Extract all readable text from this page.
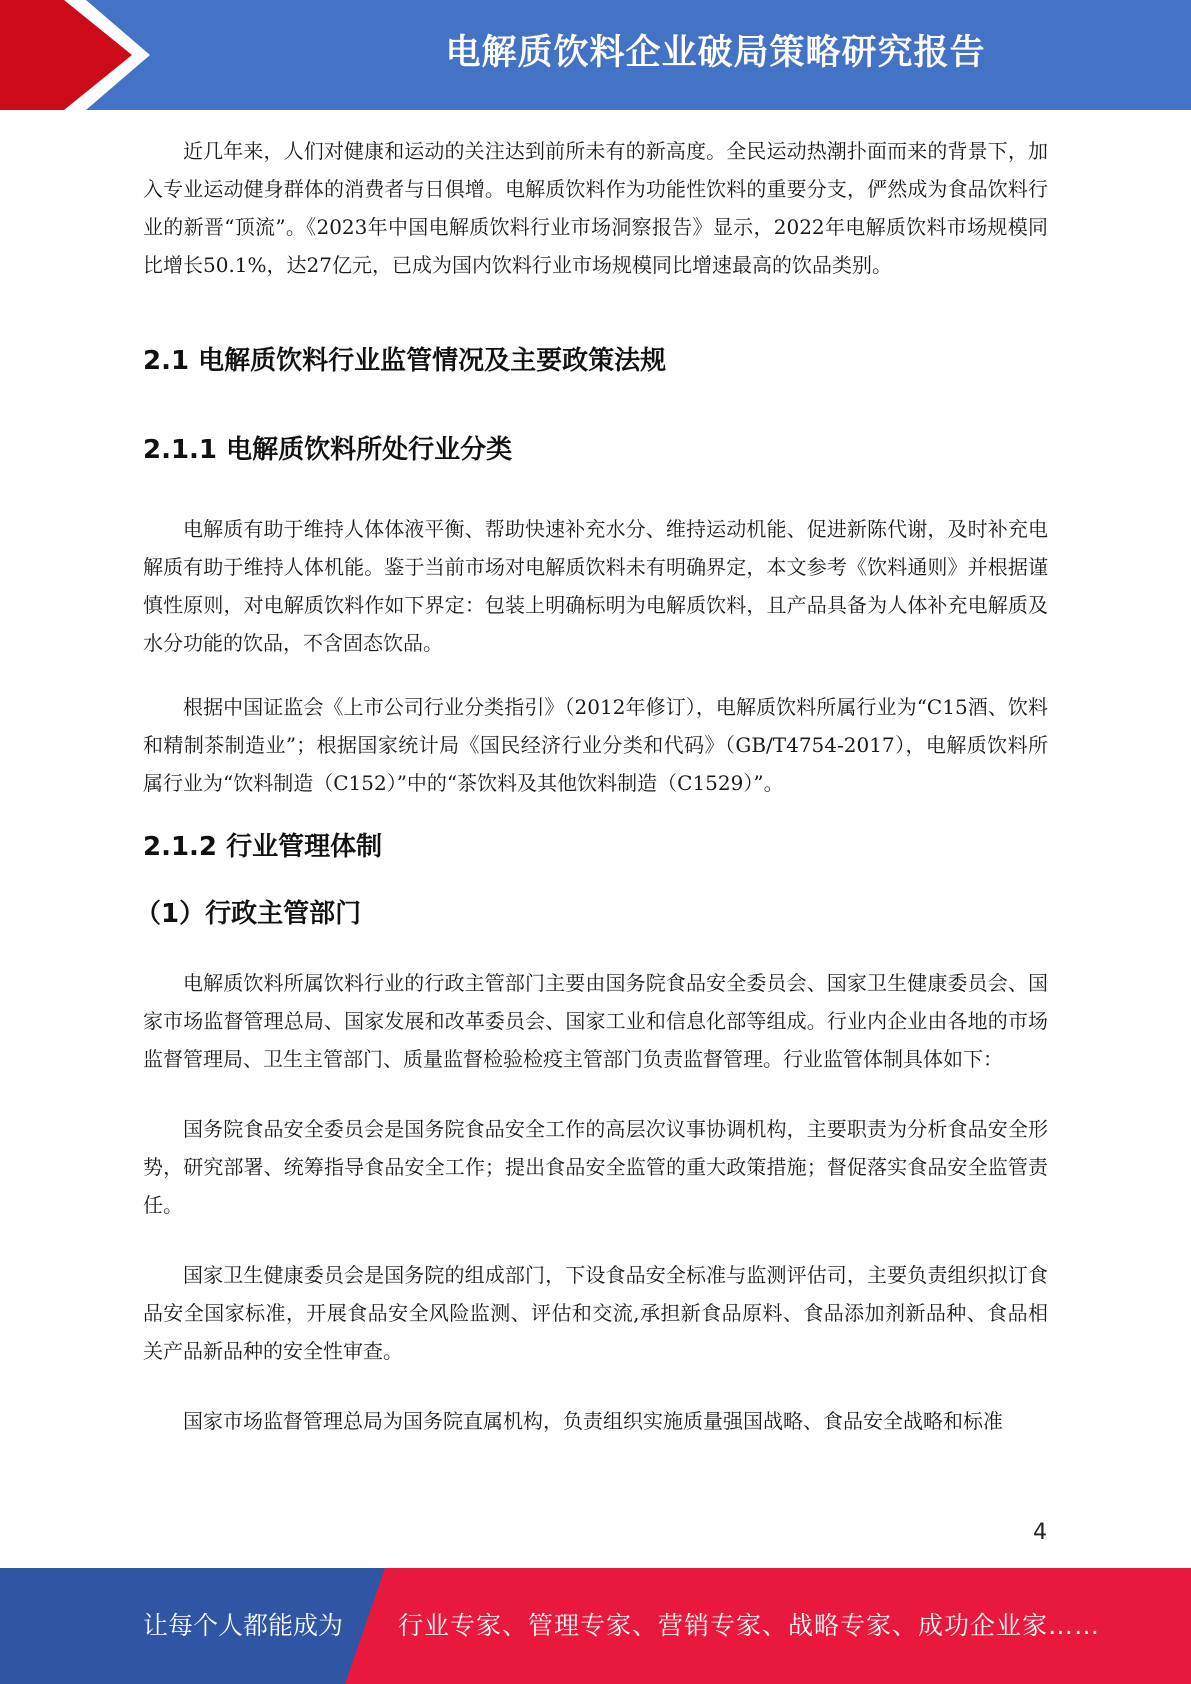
电解质饮料企业破局策略研究报告

近几年来，人们对健康和运动的关注达到前所未有的新高度。全民运动热潮扑面而来的背景下，加入专业运动健身群体的消费者与日俱增。电解质饮料作为功能性饮料的重要分支，俨然成为食品饮料行业的新晋“顶流”。《2023年中国电解质饮料行业市场洞察报告》显示，2022年电解质饮料市场规模同比增长50.1%，达27亿元，已成为国内饮料行业市场规模同比增速最高的饮品类别。

2.1 电解质饮料行业监管情况及主要政策法规
2.1.1 电解质饮料所处行业分类

电解质有助于维持人体体液平衡、帮助快速补充水分、维持运动机能、促进新陈代谢，及时补充电解质有助于维持人体机能。鉴于当前市场对电解质饮料未有明确界定，本文参考《饮料通则》并根据谨慎性原则，对电解质饮料作如下界定：包装上明确标明为电解质饮料，且产品具备为人体补充电解质及水分功能的饮品，不含固态饮品。

根据中国证监会《上市公司行业分类指引》（2012年修订），电解质饮料所属行业为“C15酒、饮料和精制茶制造业”；根据国家统计局《国民经济行业分类和代码》（GB/T4754-2017），电解质饮料所属行业为“饮料制造（C152）”中的“茶饮料及其他饮料制造（C1529）”。

2.1.2 行业管理体制
（1）行政主管部门

电解质饮料所属饮料行业的行政主管部门主要由国务院食品安全委员会、国家卫生健康委员会、国家市场监督管理总局、国家发展和改革委员会、国家工业和信息化部等组成。行业内企业由各地的市场监督管理局、卫生主管部门、质量监督检验检疫主管部门负责监督管理。行业监管体制具体如下：

国务院食品安全委员会是国务院食品安全工作的高层次议事协调机构，主要职责为分析食品安全形势，研究部署、统筹指导食品安全工作；提出食品安全监管的重大政策措施；督促落实食品安全监管责任。

国家卫生健康委员会是国务院的组成部门，下设食品安全标准与监测评估司，主要负责组织拟订食品安全国家标准，开展食品安全风险监测、评估和交流,承担新食品原料、食品添加剂新品种、食品相关产品新品种的安全性审查。

国家市场监督管理总局为国务院直属机构，负责组织实施质量强国战略、食品安全战略和标准

4
让每个人都能成为 行业专家、管理专家、营销专家、战略专家、成功企业家……
